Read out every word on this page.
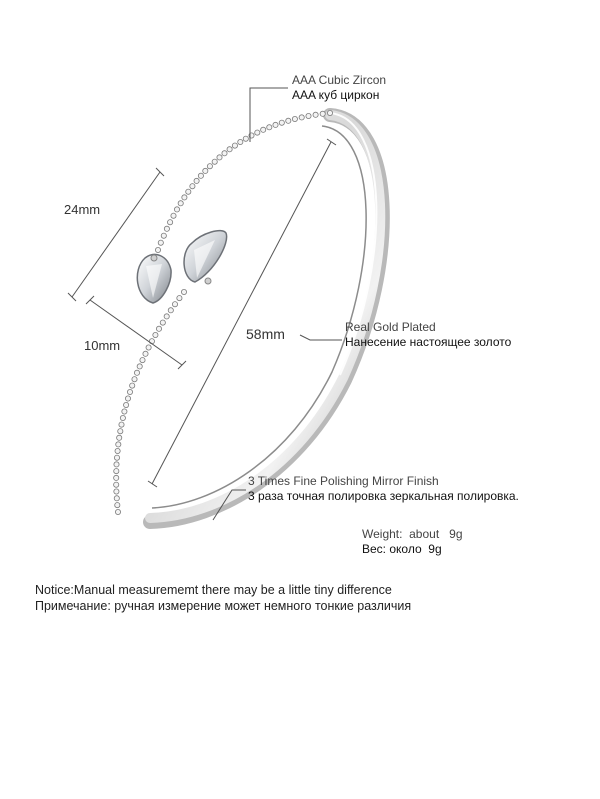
24mm
10mm
58mm
AAA Cubic Zircon
AAA куб циркон
Real Gold Plated
Нанесение настоящее золото
3 Times Fine Polishing Mirror Finish
3 раза точная полировка зеркальная полировка.
Weight:  about   9g
Вес: около  9g
Notice:Manual measurememt there may be a little tiny difference
Примечание: ручная измерение может немного тонкие различия
